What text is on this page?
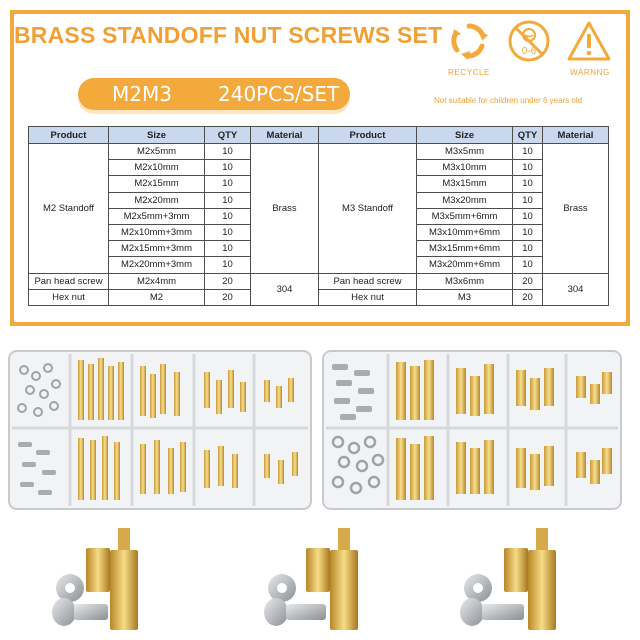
BRASS STANDOFF NUT SCREWS SET
M2M3 240PCS/SET
RECYCLE
0-6
WARNNG
Not suitable for children under 6 years old
Product	Size	QTY	Material	Product	Size	QTY	Material
M2 Standoff	M2x5mm	10	Brass	M3 Standoff	M3x5mm	10	Brass
	M2x10mm	10			M3x10mm	10	
	M2x15mm	10			M3x15mm	10	
	M2x20mm	10			M3x20mm	10	
	M2x5mm+3mm	10			M3x5mm+6mm	10	
	M2x10mm+3mm	10			M3x10mm+6mm	10	
	M2x15mm+3mm	10			M3x15mm+6mm	10	
	M2x20mm+3mm	10			M3x20mm+6mm	10	
Pan head screw	M2x4mm	20	304	Pan head screw	M3x6mm	20	304
Hex nut	M2	20		Hex nut	M3	20	
